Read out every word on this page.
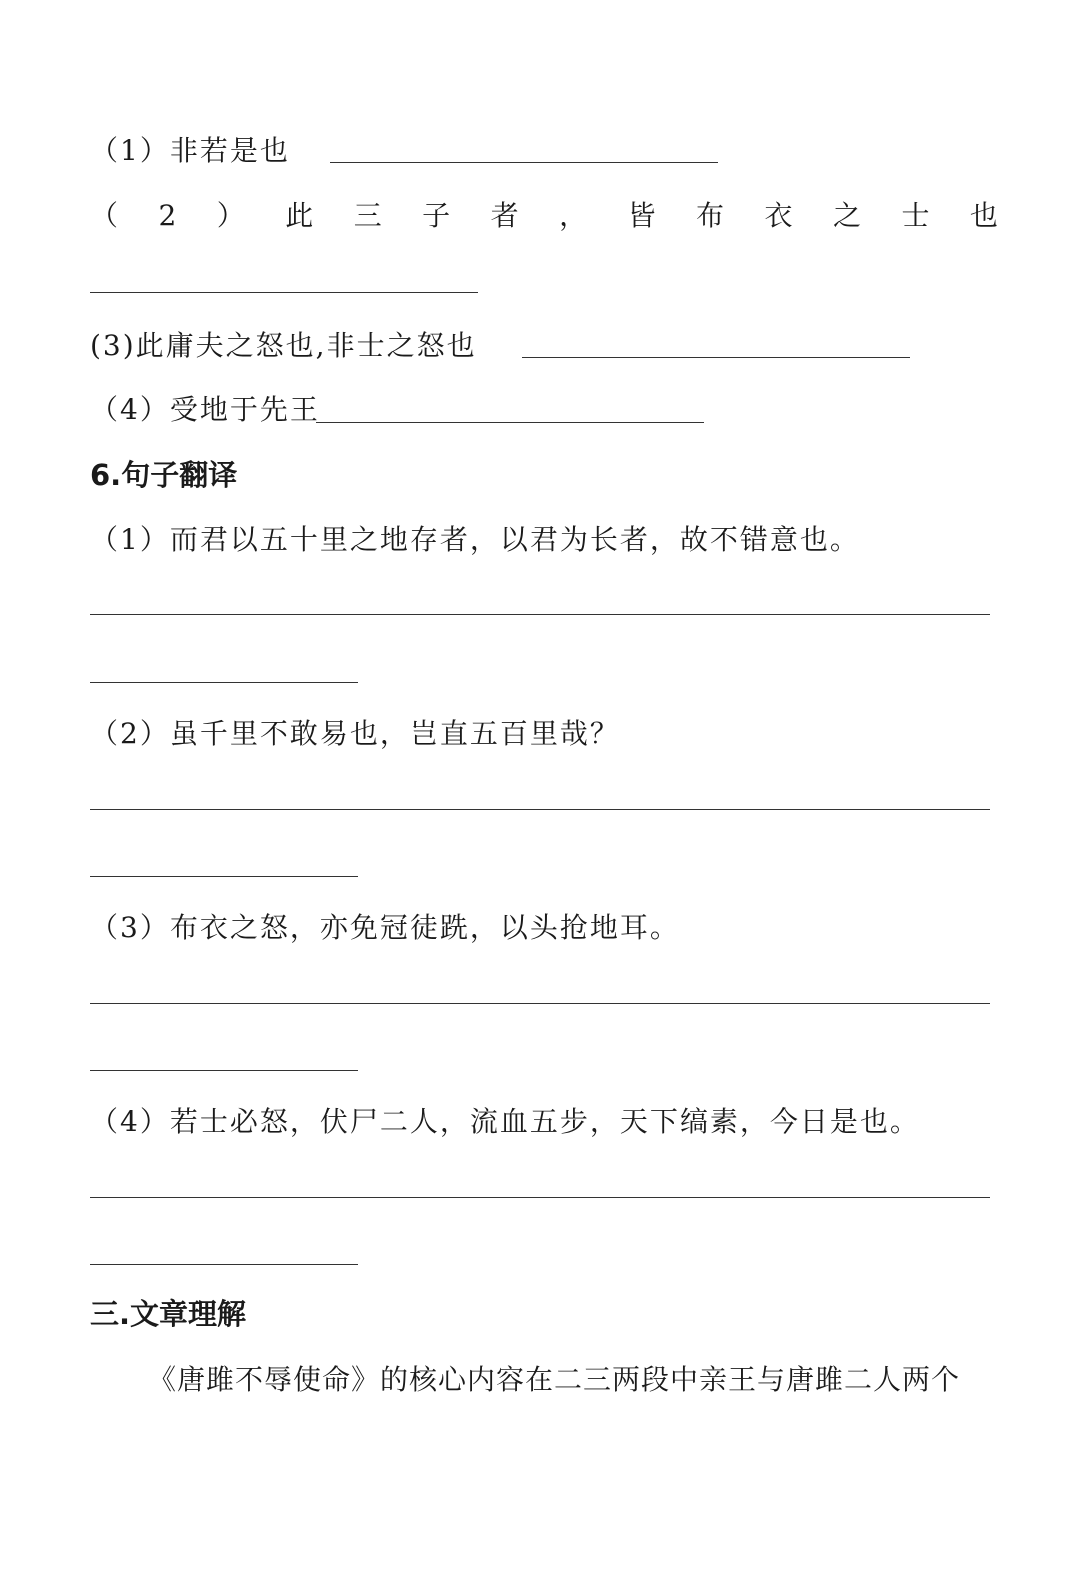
（1）非若是也
（ 2 ） 此 三 子 者 ， 皆 布 衣 之 士 也
(3)此庸夫之怒也,非士之怒也
（4）受地于先王
6.句子翻译
（1）而君以五十里之地存者，以君为长者，故不错意也。
（2）虽千里不敢易也，岂直五百里哉？
（3）布衣之怒，亦免冠徒跣，以头抢地耳。
（4）若士必怒，伏尸二人，流血五步，天下缟素，今日是也。
三.文章理解
《唐雎不辱使命》的核心内容在二三两段中亲王与唐雎二人两个
